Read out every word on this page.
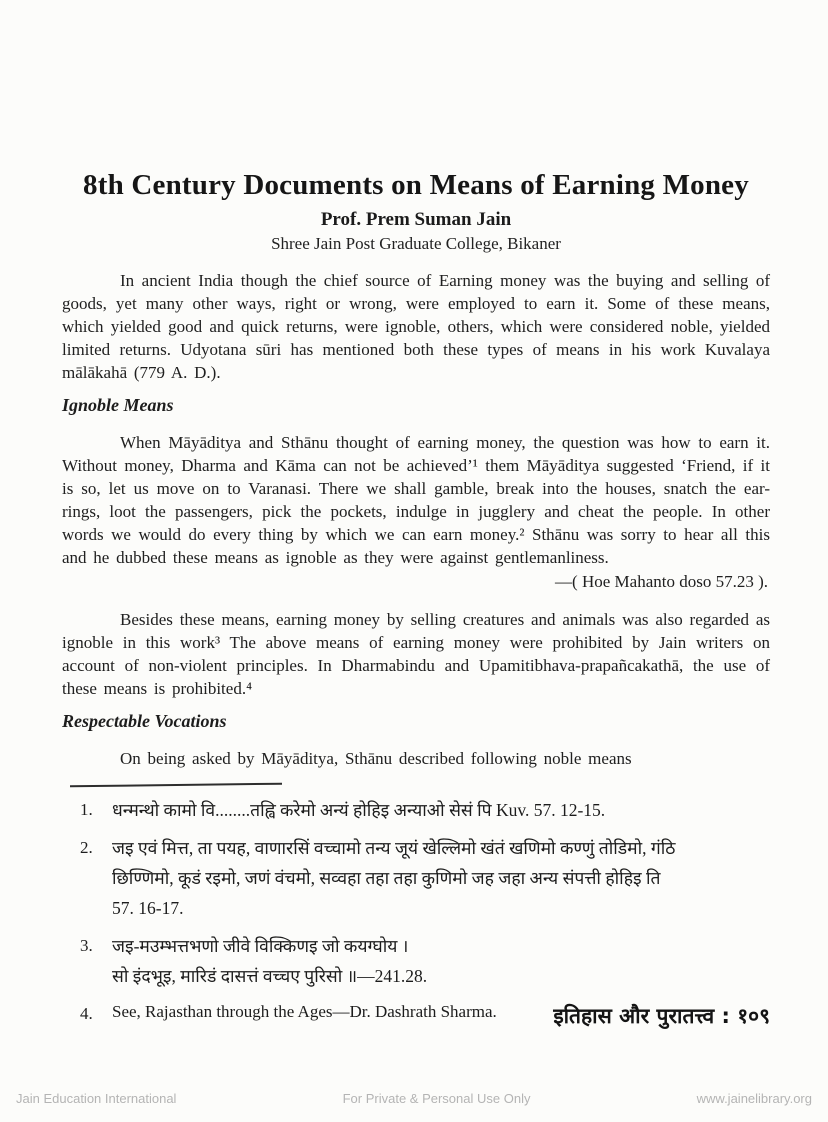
8th Century Documents on Means of Earning Money
Prof. Prem Suman Jain
Shree Jain Post Graduate College, Bikaner

In ancient India though the chief source of Earning money was the buying and selling of goods, yet many other ways, right or wrong, were employed to earn it. Some of these means, which yielded good and quick returns, were ignoble, others, which were considered noble, yielded limited returns. Udyotana sūri has mentioned both these types of means in his work Kuvalaya mālākahā (779 A. D.).

Ignoble Means

When Māyāditya and Sthānu thought of earning money, the question was how to earn it. Without money, Dharma and Kāma can not be achieved’¹ them Māyāditya suggested ‘Friend, if it is so, let us move on to Varanasi. There we shall gamble, break into the houses, snatch the ear-rings, loot the passengers, pick the pockets, indulge in jugglery and cheat the people. In other words we would do every thing by which we can earn money.² Sthānu was sorry to hear all this and he dubbed these means as ignoble as they were against gentlemanliness.

—( Hoe Mahanto doso 57.23 ).

Besides these means, earning money by selling creatures and animals was also regarded as ignoble in this work³ The above means of earning money were prohibited by Jain writers on account of non-violent principles. In Dharmabindu and Upamitibhava-prapañcakathā, the use of these means is prohibited.⁴

Respectable Vocations

On being asked by Māyāditya, Sthānu described following noble means

1.	धन्मन्थो कामो वि........तह्वि करेमो अन्यं होहिइ अन्याओ सेसं पि Kuv. 57. 12-15.
2.	जइ एवं मित्त, ता पयह, वाणारसिं वच्चामो तन्य जूयं खेल्लिमो खंतं खणिमो कण्णुं तोडिमो, गंठि
छिण्णिमो, कूडं रइमो, जणं वंचमो, सव्वहा तहा तहा कुणिमो जह जहा अन्य संपत्ती होहिइ ति
57. 16-17.
3.	जइ-मउम्भत्तभणो जीवे विक्किणइ जो कयग्घोय ।
सो इंदभूइ, मारिडं दासत्तं वच्चए पुरिसो ॥—241.28.
4.	See, Rajasthan through the Ages—Dr. Dashrath Sharma.	इतिहास और पुरातत्त्व : १०९
Jain Education International	For Private & Personal Use Only	www.jainelibrary.org
